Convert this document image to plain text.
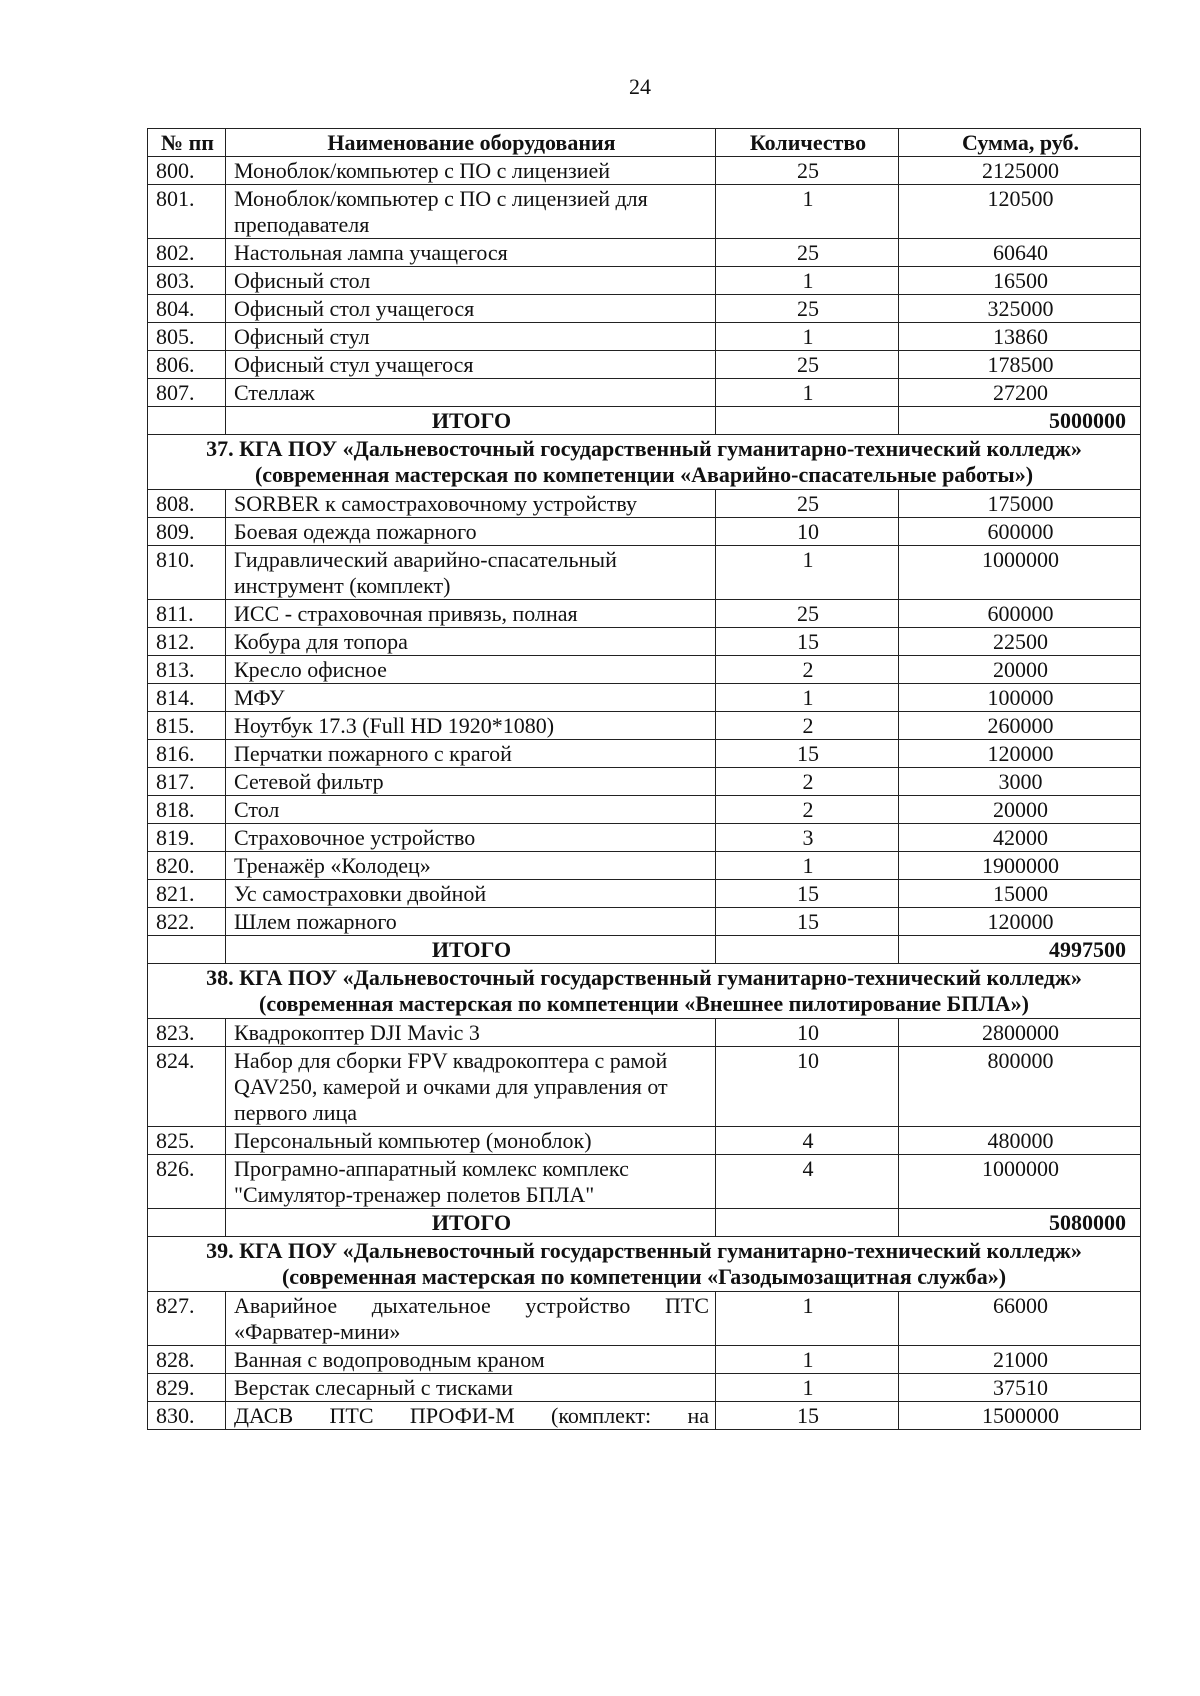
24
№ пп	Наименование оборудования	Количество	Сумма, руб.
800.	Моноблок/компьютер с ПО с лицензией	25	2125000
801.	Моноблок/компьютер с ПО с лицензией для преподавателя	1	120500
802.	Настольная лампа учащегося	25	60640
803.	Офисный стол	1	16500
804.	Офисный стол учащегося	25	325000
805.	Офисный стул	1	13860
806.	Офисный стул учащегося	25	178500
807.	Стеллаж	1	27200
	ИТОГО		5000000

37. КГА ПОУ «Дальневосточный государственный гуманитарно-технический колледж»
(современная мастерская по компетенции «Аварийно-спасательные работы»)			

808.	SORBER к самостраховочному устройству	25	175000
809.	Боевая одежда пожарного	10	600000
810.	Гидравлический аварийно-спасательный инструмент (комплект)	1	1000000
811.	ИСС - страховочная привязь, полная	25	600000
812.	Кобура для топора	15	22500
813.	Кресло офисное	2	20000
814.	МФУ	1	100000
815.	Ноутбук 17.3 (Full HD 1920*1080)	2	260000
816.	Перчатки пожарного с крагой	15	120000
817.	Сетевой фильтр	2	3000
818.	Стол	2	20000
819.	Страховочное устройство	3	42000
820.	Тренажёр «Колодец»	1	1900000
821.	Ус самостраховки двойной	15	15000
822.	Шлем пожарного	15	120000
	ИТОГО		4997500

38. КГА ПОУ «Дальневосточный государственный гуманитарно-технический колледж»
(современная мастерская по компетенции «Внешнее пилотирование БПЛА»)			

823.	Квадрокоптер DJI Mavic 3	10	2800000
824.	Набор для сборки FPV квадрокоптера с рамой QAV250, камерой и очками для управления от первого лица	10	800000
825.	Персональный компьютер (моноблок)	4	480000
826.	Програмно-аппаратный комлекс комплекс "Симулятор-тренажер полетов БПЛА"	4	1000000
	ИТОГО		5080000

39. КГА ПОУ «Дальневосточный государственный гуманитарно-технический колледж»
(современная мастерская по компетенции «Газодымозащитная служба»)			

827.	Аварийное дыхательное устройство ПТС «Фарватер-мини»	1	66000
828.	Ванная с водопроводным краном	1	21000
829.	Верстак слесарный с тисками	1	37510
830.	ДАСВ ПТС ПРОФИ-М (комплект: на	15	1500000
